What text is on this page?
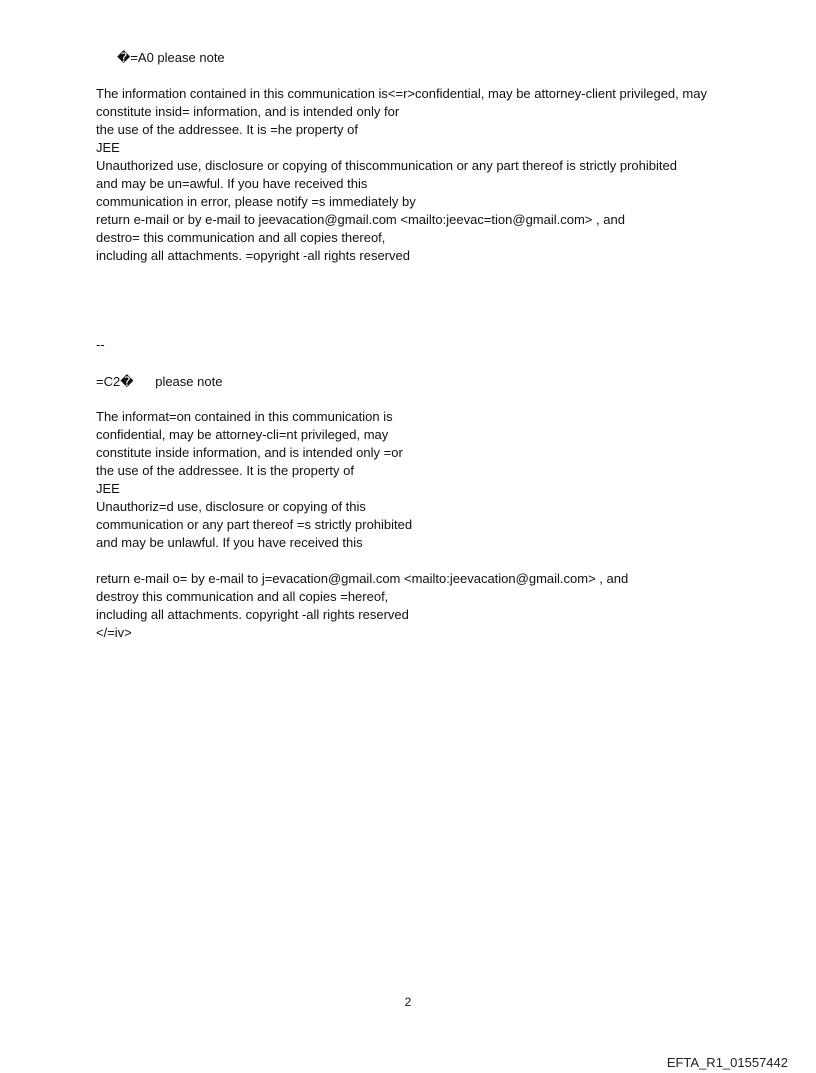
�=A0 please note
The information contained in this communication is<=r>confidential, may be attorney-client privileged, may
constitute insid= information, and is intended only for
the use of the addressee. It is =he property of
JEE
Unauthorized use, disclosure or copying of thiscommunication or any part thereof is strictly prohibited
and may be un=awful. If you have received this
communication in error, please notify =s immediately by
return e-mail or by e-mail to jeevacation@gmail.com <mailto:jeevac=tion@gmail.com> , and
destro= this communication and all copies thereof,
including all attachments. =opyright -all rights reserved
--
=C2�      please note
The informat=on contained in this communication is
confidential, may be attorney-cli=nt privileged, may
constitute inside information, and is intended only =or
the use of the addressee. It is the property of
JEE
Unauthoriz=d use, disclosure or copying of this
communication or any part thereof =s strictly prohibited
and may be unlawful. If you have received this
return e-mail o= by e-mail to j=evacation@gmail.com <mailto:jeevacation@gmail.com> , and
destroy this communication and all copies =hereof,
including all attachments. copyright -all rights reserved
</=iv>
2
EFTA_R1_01557442
